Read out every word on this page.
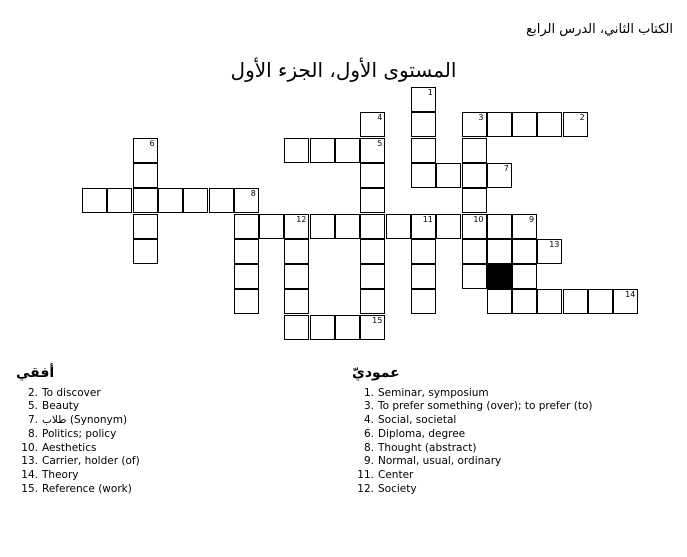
الكتاب الثاني، الدرس الرابع
المستوى الأول، الجزء الأول
1
3	2
10
4
5
6
7
8
12	11	9
13
14
15
عموديّ
1. Seminar, symposium
3. To prefer something (over); to prefer (to)
4. Social, societal
6. Diploma, degree
8. Thought (abstract)
9. Normal, usual, ordinary
11. Center
12. Society
أفقي
2. To discover
5. Beauty
7. طلاب (Synonym)
8. Politics; policy
10. Aesthetics
13. Carrier, holder (of)
14. Theory
15. Reference (work)
